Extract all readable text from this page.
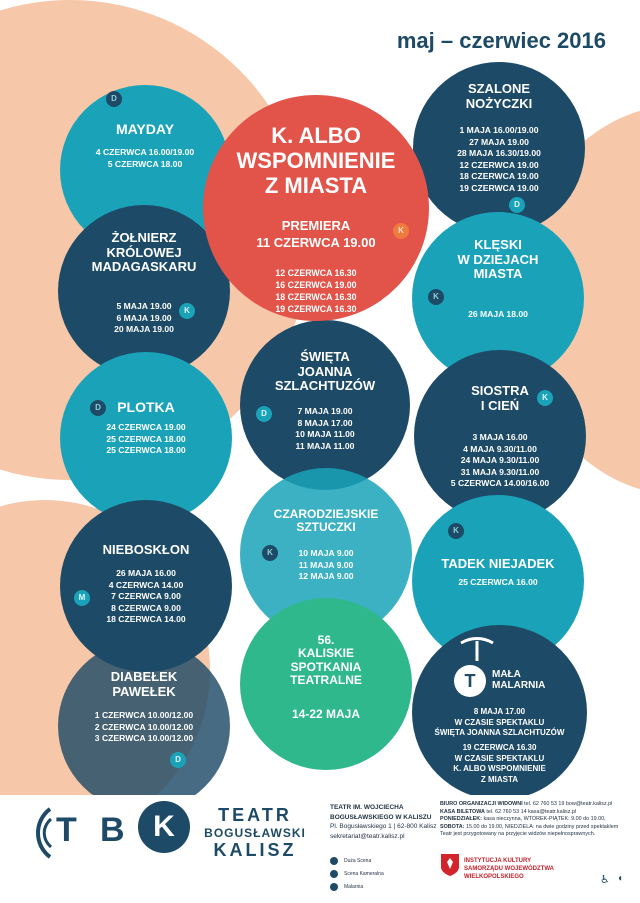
maj – czerwiec 2016
D
MAYDAY
4 CZERWCA 16.00/19.00
5 CZERWCA 18.00
SZALONE
NOŻYCZKI
1 MAJA 16.00/19.00
27 MAJA 19.00
28 MAJA 16.30/19.00
12 CZERWCA 19.00
18 CZERWCA 19.00
19 CZERWCA 19.00
D
ŻOŁNIERZ
KRÓLOWEJ
MADAGASKARU
5 MAJA 19.00
6 MAJA 19.00
20 MAJA 19.00
K
K
KLĘSKI
W DZIEJACH
MIASTA
26 MAJA 18.00
ŚWIĘTA
JOANNA
SZLACHTUZÓW
7 MAJA 19.00
8 MAJA 17.00
10 MAJA 11.00
11 MAJA 11.00
D
D	PLOTKA
24 CZERWCA 19.00
25 CZERWCA 18.00
25 CZERWCA 18.00
SIOSTRA
I CIEŃ
K
3 MAJA 16.00
4 MAJA 9.30/11.00
24 MAJA 9.30/11.00
31 MAJA 9.30/11.00
5 CZERWCA 14.00/16.00
CZARODZIEJSKIE
SZTUCZKI
K	10 MAJA 9.00
11 MAJA 9.00
12 MAJA 9.00
NIEBOSKŁON
26 MAJA 16.00
4 CZERWCA 14.00
7 CZERWCA 9.00
8 CZERWCA 9.00
18 CZERWCA 14.00
M
K
TADEK NIEJADEK
25 CZERWCA 16.00
56.
KALISKIE
SPOTKANIA
TEATRALNE
14-22 MAJA
DIABEŁEK
PAWEŁEK
1 CZERWCA 10.00/12.00
2 CZERWCA 10.00/12.00
3 CZERWCA 10.00/12.00
D
T	MAŁA
MALARNIA
8 MAJA 17.00
W CZASIE SPEKTAKLU
ŚWIĘTA JOANNA SZLACHTUZÓW
19 CZERWCA 16.30
W CZASIE SPEKTAKLU
K. ALBO WSPOMNIENIE
Z MIASTA
K. ALBO
WSPOMNIENIE
Z MIASTA
PREMIERA
11 CZERWCA 19.00
K
12 CZERWCA 16.30
16 CZERWCA 19.00
18 CZERWCA 16.30
19 CZERWCA 16.30
T B K	TEATR
BOGUSŁAWSKI
KALISZ
TEATR IM. WOJCIECHA
BOGUSŁAWSKIEGO W KALISZU
Pl. Bogusławskiego 1 | 62-800 Kalisz
sekretariat@teatr.kalisz.pl
Duża Scena
Scena Kameralna
Malarnia
BIURO ORGANIZACJI WIDOWNI tel. 62 760 53 19 bow@teatr.kalisz.pl
KASA BILETOWA tel. 62 760 53 14 kasa@teatr.kalisz.pl
PONIEDZIAŁEK: kasa nieczynna, WTOREK-PIĄTEK: 9.00 do 19.00,
SOBOTA: 15.00 do 19.00, NIEDZIELA: na dwie godziny przed spektaklem
Teatr jest przygotowany na przyjęcie widzów niepełnosprawnych.
INSTYTUCJA KULTURY
SAMORZĄDU WOJEWÓDZTWA
WIELKOPOLSKIEGO	♿ ◖
